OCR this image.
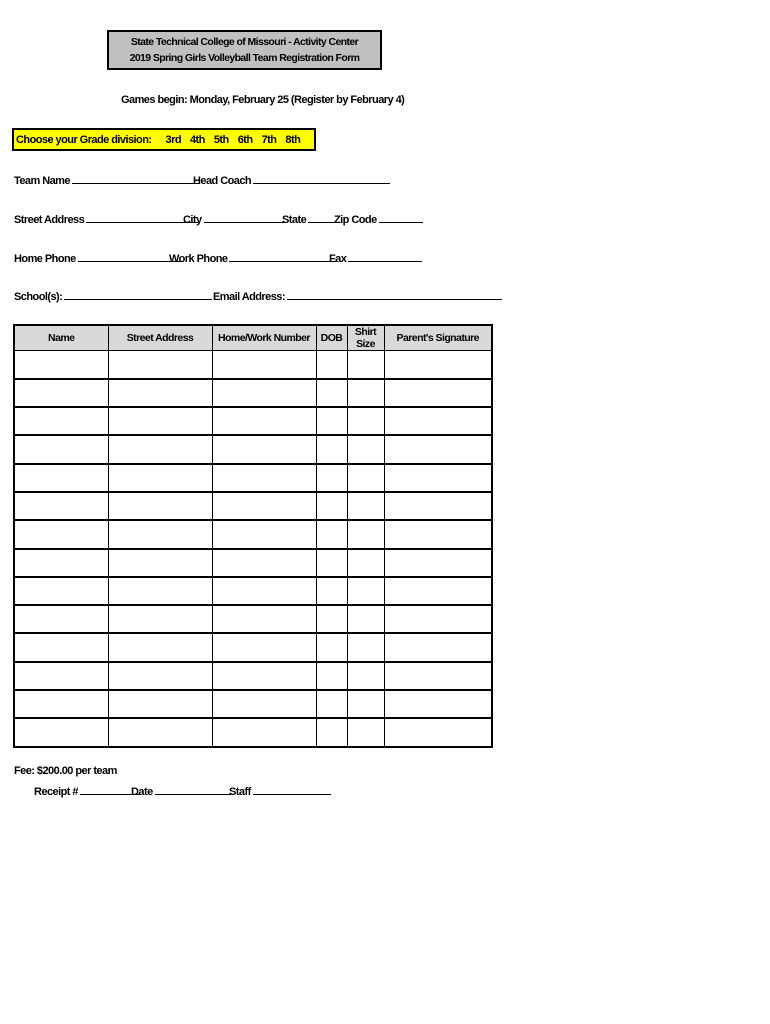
State Technical College of Missouri - Activity Center
2019 Spring Girls Volleyball Team Registration Form
Games begin: Monday, February 25 (Register by February 4)
Choose your Grade division: 3rd 4th 5th 6th 7th 8th
Team Name	Head Coach
Street Address	City	State	Zip Code
Home Phone	Work Phone	Fax
School(s):	Email Address:
Name	Street Address	Home/Work Number	DOB	Shirt Size	Parent's Signature

Fee: $200.00 per team
Receipt #	Date	Staff
